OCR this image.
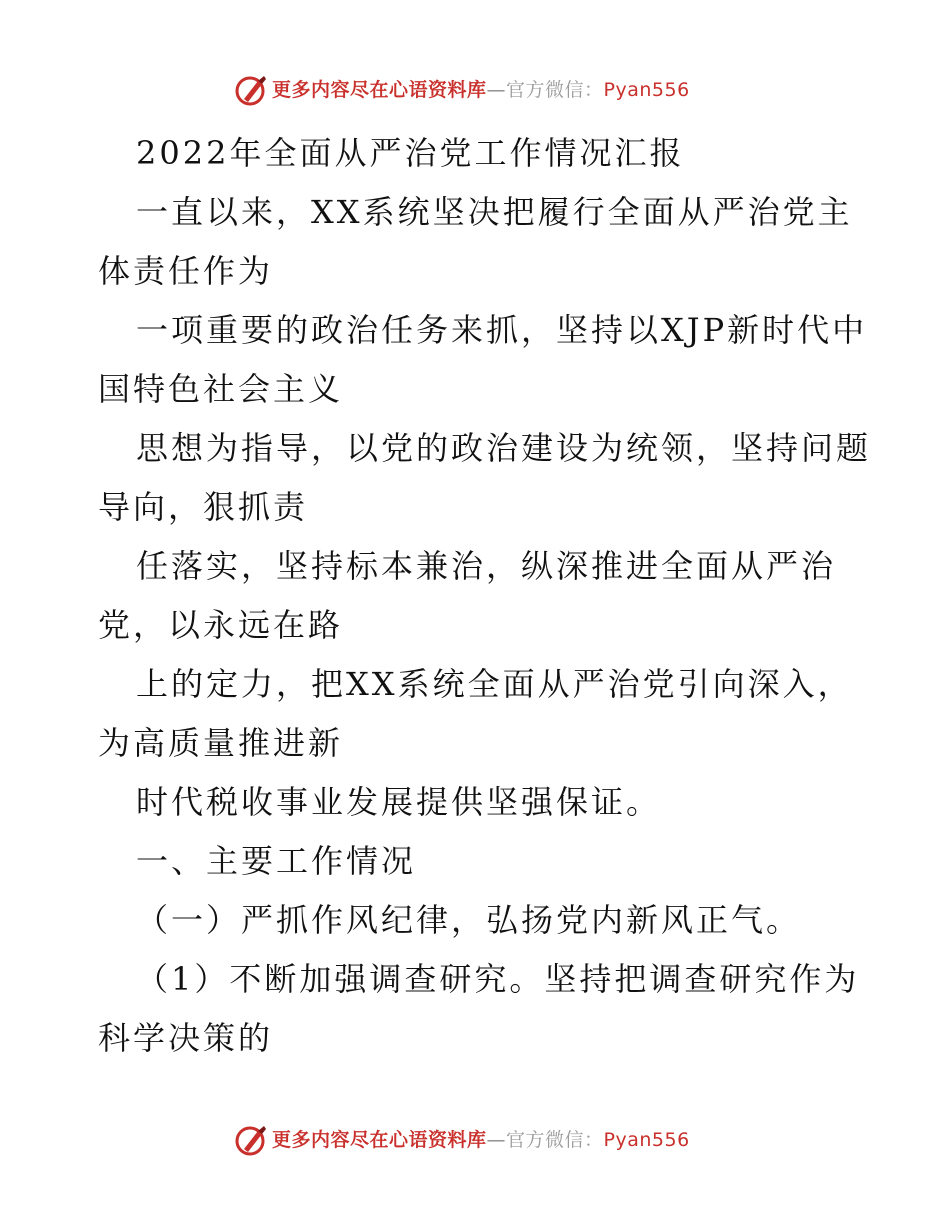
更多内容尽在心语资料库—官方微信：Pyan556
2022年全面从严治党工作情况汇报
一直以来，XX系统坚决把履行全面从严治党主
体责任作为
一项重要的政治任务来抓，坚持以XJP新时代中
国特色社会主义
思想为指导，以党的政治建设为统领，坚持问题
导向，狠抓责
任落实，坚持标本兼治，纵深推进全面从严治
党，以永远在路
上的定力，把XX系统全面从严治党引向深入，
为高质量推进新
时代税收事业发展提供坚强保证。
一、主要工作情况
（一）严抓作风纪律，弘扬党内新风正气。
（1）不断加强调查研究。坚持把调查研究作为
科学决策的
更多内容尽在心语资料库—官方微信：Pyan556
